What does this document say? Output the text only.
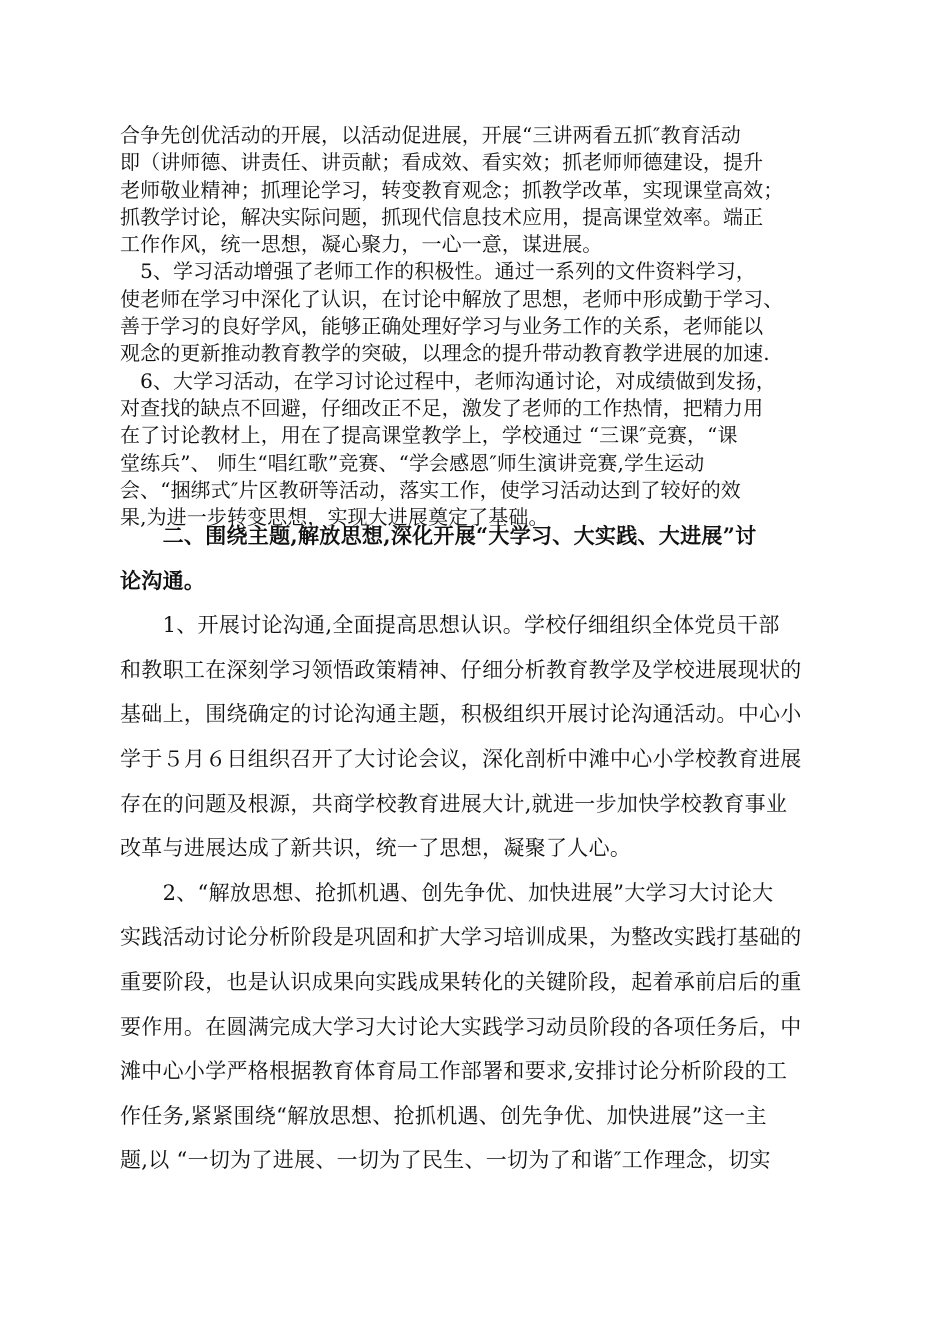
合争先创优活动的开展，以活动促进展，开展“三讲两看五抓″教育活动
即（讲师德、讲责任、讲贡献；看成效、看实效；抓老师师德建设，提升
老师敬业精神；抓理论学习，转变教育观念；抓教学改革，实现课堂高效；
抓教学讨论，解决实际问题，抓现代信息技术应用，提高课堂效率。端正
工作作风，统一思想，凝心聚力，一心一意，谋进展。
　5、学习活动增强了老师工作的积极性。通过一系列的文件资料学习，
使老师在学习中深化了认识，在讨论中解放了思想，老师中形成勤于学习、
善于学习的良好学风，能够正确处理好学习与业务工作的关系，老师能以
观念的更新推动教育教学的突破，以理念的提升带动教育教学进展的加速.
　6、大学习活动，在学习讨论过程中，老师沟通讨论，对成绩做到发扬，
对查找的缺点不回避，仔细改正不足，激发了老师的工作热情，把精力用
在了讨论教材上，用在了提高课堂教学上，学校通过 “三课″竞赛，“课
堂练兵”、 师生“唱红歌”竞赛、“学会感恩″师生演讲竞赛,学生运动
会、“捆绑式″片区教研等活动，落实工作，使学习活动达到了较好的效
果,为进一步转变思想，实现大进展奠定了基础。
　　二、围绕主题,解放思想,深化开展“大学习、大实践、大进展”讨
论沟通。
　　1、开展讨论沟通,全面提高思想认识。学校仔细组织全体党员干部
和教职工在深刻学习领悟政策精神、仔细分析教育教学及学校进展现状的
基础上，围绕确定的讨论沟通主题，积极组织开展讨论沟通活动。中心小
学于５月６日组织召开了大讨论会议，深化剖析中滩中心小学校教育进展
存在的问题及根源，共商学校教育进展大计,就进一步加快学校教育事业
改革与进展达成了新共识，统一了思想，凝聚了人心。
　　2、“解放思想、抢抓机遇、创先争优、加快进展”大学习大讨论大
实践活动讨论分析阶段是巩固和扩大学习培训成果，为整改实践打基础的
重要阶段，也是认识成果向实践成果转化的关键阶段，起着承前启后的重
要作用。在圆满完成大学习大讨论大实践学习动员阶段的各项任务后，中
滩中心小学严格根据教育体育局工作部署和要求,安排讨论分析阶段的工
作任务,紧紧围绕“解放思想、抢抓机遇、创先争优、加快进展”这一主
题,以 “一切为了进展、一切为了民生、一切为了和谐″工作理念，切实
